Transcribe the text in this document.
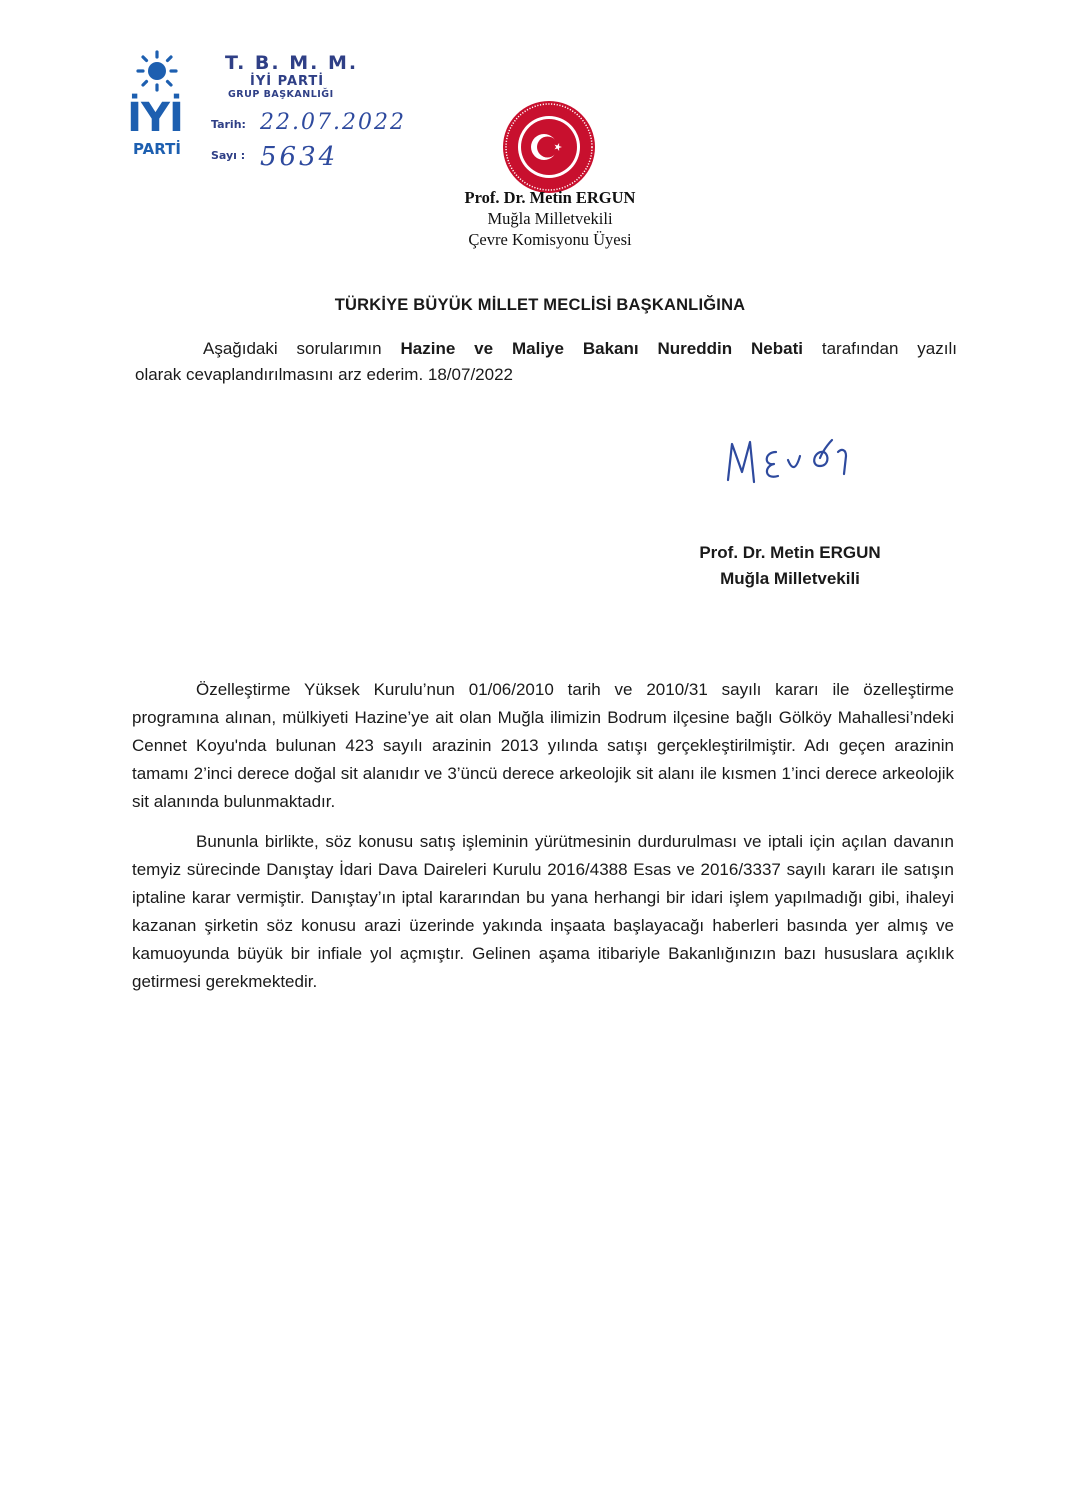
İYİ
PARTİ
T. B. M. M.
İYİ PARTİ
GRUP BAŞKANLIĞI
Tarih: 22.07.2022
Sayı : 5634
Prof. Dr. Metin ERGUN
Muğla Milletvekili
Çevre Komisyonu Üyesi
TÜRKİYE BÜYÜK MİLLET MECLİSİ BAŞKANLIĞINA
Aşağıdaki sorularımın Hazine ve Maliye Bakanı Nureddin Nebati tarafından yazılı
olarak cevaplandırılmasını arz ederim. 18/07/2022
Prof. Dr. Metin ERGUN
Muğla Milletvekili

Özelleştirme Yüksek Kurulu’nun 01/06/2010 tarih ve 2010/31 sayılı kararı ile özelleştirme programına alınan, mülkiyeti Hazine’ye ait olan Muğla ilimizin Bodrum ilçesine bağlı Gölköy Mahallesi’ndeki Cennet Koyu'nda bulunan 423 sayılı arazinin 2013 yılında satışı gerçekleştirilmiştir. Adı geçen arazinin tamamı 2’inci derece doğal sit alanıdır ve 3’üncü derece arkeolojik sit alanı ile kısmen 1’inci derece arkeolojik sit alanında bulunmaktadır.

Bununla birlikte, söz konusu satış işleminin yürütmesinin durdurulması ve iptali için açılan davanın temyiz sürecinde Danıştay İdari Dava Daireleri Kurulu 2016/4388 Esas ve 2016/3337 sayılı kararı ile satışın iptaline karar vermiştir. Danıştay’ın iptal kararından bu yana herhangi bir idari işlem yapılmadığı gibi, ihaleyi kazanan şirketin söz konusu arazi üzerinde yakında inşaata başlayacağı haberleri basında yer almış ve kamuoyunda büyük bir infiale yol açmıştır. Gelinen aşama itibariyle Bakanlığınızın bazı hususlara açıklık getirmesi gerekmektedir.
